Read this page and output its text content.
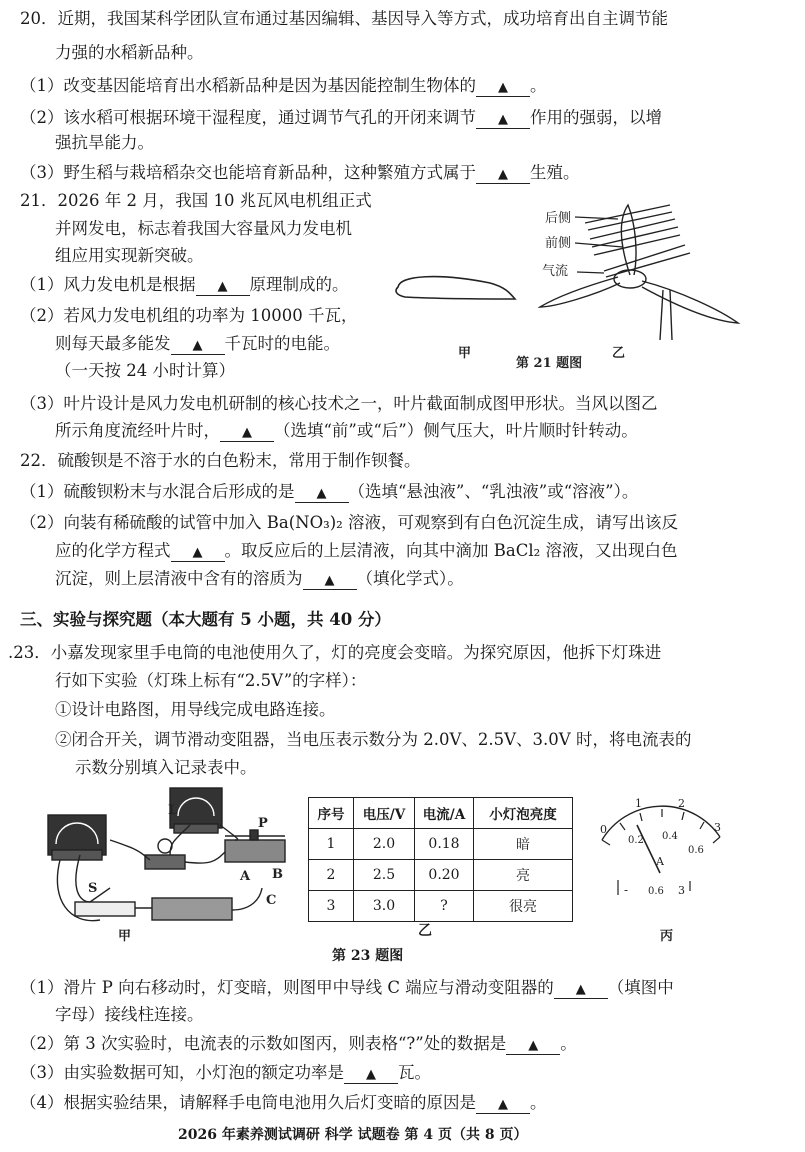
20．近期，我国某科学团队宣布通过基因编辑、基因导入等方式，成功培育出自主调节能
力强的水稻新品种。
（1）改变基因能培育出水稻新品种是因为基因能控制生物体的 ▲ 。
（2）该水稻可根据环境干湿程度，通过调节气孔的开闭来调节 ▲ 作用的强弱，以增
强抗旱能力。
（3）野生稻与栽培稻杂交也能培育新品种，这种繁殖方式属于 ▲ 生殖。
21．2026 年 2 月，我国 10 兆瓦风电机组正式
并网发电，标志着我国大容量风力发电机
组应用实现新突破。
（1）风力发电机是根据 ▲ 原理制成的。
（2）若风力发电机组的功率为 10000 千瓦，
则每天最多能发 ▲ 千瓦时的电能。
（一天按 24 小时计算）
后侧
前侧
气流
甲
第 21 题图
乙
（3）叶片设计是风力发电机研制的核心技术之一，叶片截面制成图甲形状。当风以图乙
所示角度流经叶片时， ▲ （选填“前”或“后”）侧气压大，叶片顺时针转动。
22．硫酸钡是不溶于水的白色粉末，常用于制作钡餐。
（1）硫酸钡粉末与水混合后形成的是 ▲ （选填“悬浊液”、“乳浊液”或“溶液”）。
（2）向装有稀硫酸的试管中加入 Ba(NO₃)₂ 溶液，可观察到有白色沉淀生成，请写出该反
应的化学方程式 ▲ 。取反应后的上层清液，向其中滴加 BaCl₂ 溶液，又出现白色
沉淀，则上层清液中含有的溶质为 ▲ （填化学式）。
三、实验与探究题（本大题有 5 小题，共 40 分）
.23．小嘉发现家里手电筒的电池使用久了，灯的亮度会变暗。为探究原因，他拆下灯珠进
行如下实验（灯珠上标有“2.5V”的字样）：
①设计电路图，用导线完成电路连接。
②闭合开关，调节滑动变阻器，当电压表示数分为 2.0V、2.5V、3.0V 时，将电流表的
示数分别填入记录表中。
L
P
S
A B
C
甲
序号	电压/V	电流/A	小灯泡亮度
1	2.0	0.18	暗
2	2.5	0.20	亮
3	3.0	?	很亮
乙
第 23 题图
0
1	2
3
0.2 0.4
0.6
A
- 0.6 3
丙
（1）滑片 P 向右移动时，灯变暗，则图甲中导线 C 端应与滑动变阻器的 ▲ （填图中
字母）接线柱连接。
（2）第 3 次实验时，电流表的示数如图丙，则表格“?”处的数据是 ▲ 。
（3）由实验数据可知，小灯泡的额定功率是 ▲ 瓦。
（4）根据实验结果，请解释手电筒电池用久后灯变暗的原因是 ▲ 。
2026 年素养测试调研 科学 试题卷 第 4 页（共 8 页）
